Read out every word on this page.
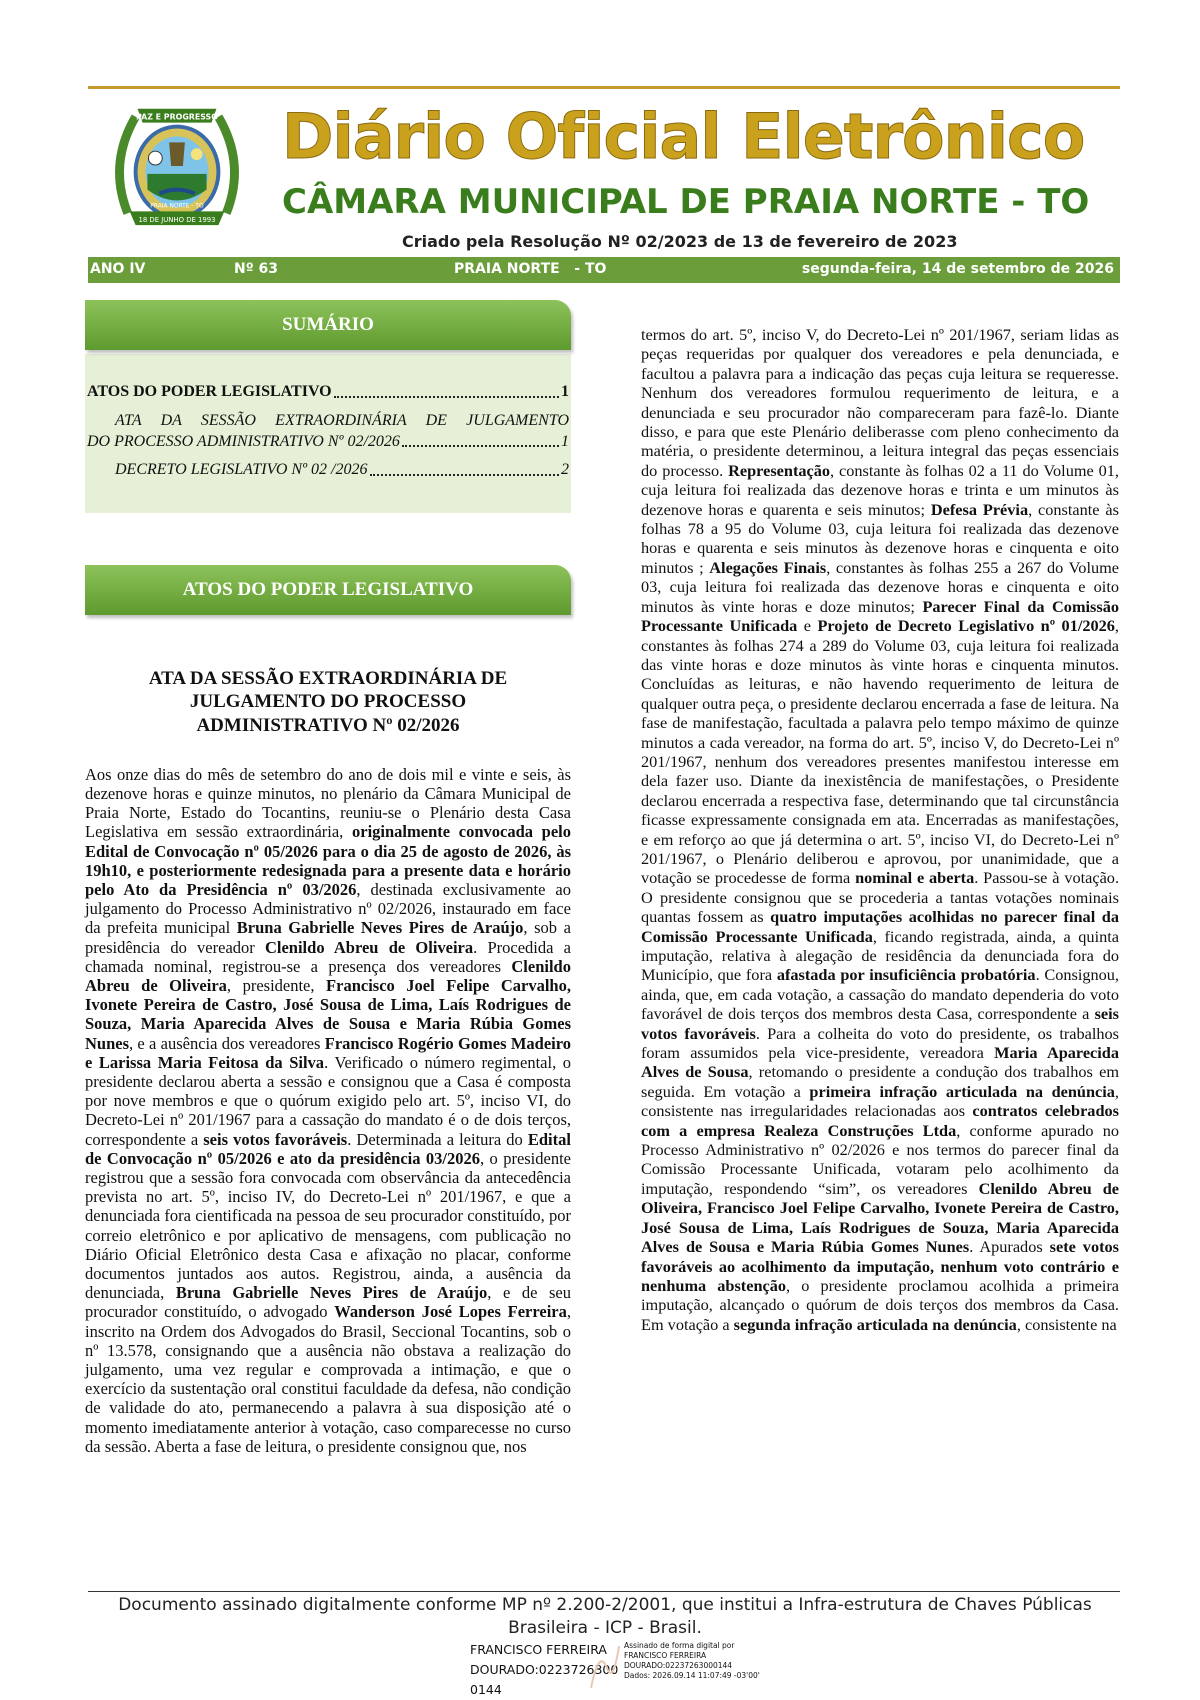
PAZ E PROGRESSO
18 DE JUNHO DE 1993
PRAIA NORTE - TO
Diário Oficial Eletrônico
CÂMARA MUNICIPAL DE PRAIA NORTE - TO
Criado pela Resolução Nº 02/2023 de 13 de fevereiro de 2023
ANO IV	Nº 63	PRAIA NORTE   - TO	segunda-feira, 14 de setembro de 2026
SUMÁRIO
ATOS DO PODER LEGISLATIVO	1
ATA DA SESSÃO EXTRAORDINÁRIA DE JULGAMENTO
DO PROCESSO ADMINISTRATIVO Nº 02/2026	1
DECRETO LEGISLATIVO Nº 02 /2026	2
ATOS DO PODER LEGISLATIVO
ATA DA SESSÃO EXTRAORDINÁRIA DE JULGAMENTO DO PROCESSO ADMINISTRATIVO Nº 02/2026

Aos onze dias do mês de setembro do ano de dois mil e vinte e seis, às dezenove horas e quinze minutos, no plenário da Câmara Municipal de Praia Norte, Estado do Tocantins, reuniu-se o Plenário desta Casa Legislativa em sessão extraordinária, originalmente convocada pelo Edital de Convocação nº 05/2026 para o dia 25 de agosto de 2026, às 19h10, e posteriormente redesignada para a presente data e horário pelo Ato da Presidência nº 03/2026, destinada exclusivamente ao julgamento do Processo Administrativo nº 02/2026, instaurado em face da prefeita municipal Bruna Gabrielle Neves Pires de Araújo, sob a presidência do vereador Clenildo Abreu de Oliveira. Procedida a chamada nominal, registrou-se a presença dos vereadores Clenildo Abreu de Oliveira, presidente, Francisco Joel Felipe Carvalho, Ivonete Pereira de Castro, José Sousa de Lima, Laís Rodrigues de Souza, Maria Aparecida Alves de Sousa e Maria Rúbia Gomes Nunes, e a ausência dos vereadores Francisco Rogério Gomes Madeiro e Larissa Maria Feitosa da Silva. Verificado o número regimental, o presidente declarou aberta a sessão e consignou que a Casa é composta por nove membros e que o quórum exigido pelo art. 5º, inciso VI, do Decreto-Lei nº 201/1967 para a cassação do mandato é o de dois terços, correspondente a seis votos favoráveis. Determinada a leitura do Edital de Convocação nº 05/2026 e ato da presidência 03/2026, o presidente registrou que a sessão fora convocada com observância da antecedência prevista no art. 5º, inciso IV, do Decreto-Lei nº 201/1967, e que a denunciada fora cientificada na pessoa de seu procurador constituído, por correio eletrônico e por aplicativo de mensagens, com publicação no Diário Oficial Eletrônico desta Casa e afixação no placar, conforme documentos juntados aos autos. Registrou, ainda, a ausência da denunciada, Bruna Gabrielle Neves Pires de Araújo, e de seu procurador constituído, o advogado Wanderson José Lopes Ferreira, inscrito na Ordem dos Advogados do Brasil, Seccional Tocantins, sob o nº 13.578, consignando que a ausência não obstava a realização do julgamento, uma vez regular e comprovada a intimação, e que o exercício da sustentação oral constitui faculdade da defesa, não condição de validade do ato, permanecendo a palavra à sua disposição até o momento imediatamente anterior à votação, caso comparecesse no curso da sessão. Aberta a fase de leitura, o presidente consignou que, nos

termos do art. 5º, inciso V, do Decreto-Lei nº 201/1967, seriam lidas as peças requeridas por qualquer dos vereadores e pela denunciada, e facultou a palavra para a indicação das peças cuja leitura se requeresse. Nenhum dos vereadores formulou requerimento de leitura, e a denunciada e seu procurador não compareceram para fazê-lo. Diante disso, e para que este Plenário deliberasse com pleno conhecimento da matéria, o presidente determinou, a leitura integral das peças essenciais do processo. Representação, constante às folhas 02 a 11 do Volume 01, cuja leitura foi realizada das dezenove horas e trinta e um minutos às dezenove horas e quarenta e seis minutos; Defesa Prévia, constante às folhas 78 a 95 do Volume 03, cuja leitura foi realizada das dezenove horas e quarenta e seis minutos às dezenove horas e cinquenta e oito minutos ; Alegações Finais, constantes às folhas 255 a 267 do Volume 03, cuja leitura foi realizada das dezenove horas e cinquenta e oito minutos às vinte horas e doze minutos; Parecer Final da Comissão Processante Unificada e Projeto de Decreto Legislativo nº 01/2026, constantes às folhas 274 a 289 do Volume 03, cuja leitura foi realizada das vinte horas e doze minutos às vinte horas e cinquenta minutos. Concluídas as leituras, e não havendo requerimento de leitura de qualquer outra peça, o presidente declarou encerrada a fase de leitura. Na fase de manifestação, facultada a palavra pelo tempo máximo de quinze minutos a cada vereador, na forma do art. 5º, inciso V, do Decreto-Lei nº 201/1967, nenhum dos vereadores presentes manifestou interesse em dela fazer uso. Diante da inexistência de manifestações, o Presidente declarou encerrada a respectiva fase, determinando que tal circunstância ficasse expressamente consignada em ata. Encerradas as manifestações, e em reforço ao que já determina o art. 5º, inciso VI, do Decreto-Lei nº 201/1967, o Plenário deliberou e aprovou, por unanimidade, que a votação se procedesse de forma nominal e aberta. Passou-se à votação. O presidente consignou que se procederia a tantas votações nominais quantas fossem as quatro imputações acolhidas no parecer final da Comissão Processante Unificada, ficando registrada, ainda, a quinta imputação, relativa à alegação de residência da denunciada fora do Município, que fora afastada por insuficiência probatória. Consignou, ainda, que, em cada votação, a cassação do mandato dependeria do voto favorável de dois terços dos membros desta Casa, correspondente a seis votos favoráveis. Para a colheita do voto do presidente, os trabalhos foram assumidos pela vice-presidente, vereadora Maria Aparecida Alves de Sousa, retomando o presidente a condução dos trabalhos em seguida. Em votação a primeira infração articulada na denúncia, consistente nas irregularidades relacionadas aos contratos celebrados com a empresa Realeza Construções Ltda, conforme apurado no Processo Administrativo nº 02/2026 e nos termos do parecer final da Comissão Processante Unificada, votaram pelo acolhimento da imputação, respondendo “sim”, os vereadores Clenildo Abreu de Oliveira, Francisco Joel Felipe Carvalho, Ivonete Pereira de Castro, José Sousa de Lima, Laís Rodrigues de Souza, Maria Aparecida Alves de Sousa e Maria Rúbia Gomes Nunes. Apurados sete votos favoráveis ao acolhimento da imputação, nenhum voto contrário e nenhuma abstenção, o presidente proclamou acolhida a primeira imputação, alcançado o quórum de dois terços dos membros da Casa. Em votação a segunda infração articulada na denúncia, consistente na

Documento assinado digitalmente conforme MP nº 2.200-2/2001, que institui a Infra-estrutura de Chaves Públicas Brasileira - ICP - Brasil.
FRANCISCO FERREIRA DOURADO:0223726300 0144
Assinado de forma digital por
FRANCISCO FERREIRA
DOURADO:02237263000144
Dados: 2026.09.14 11:07:49 -03'00'
